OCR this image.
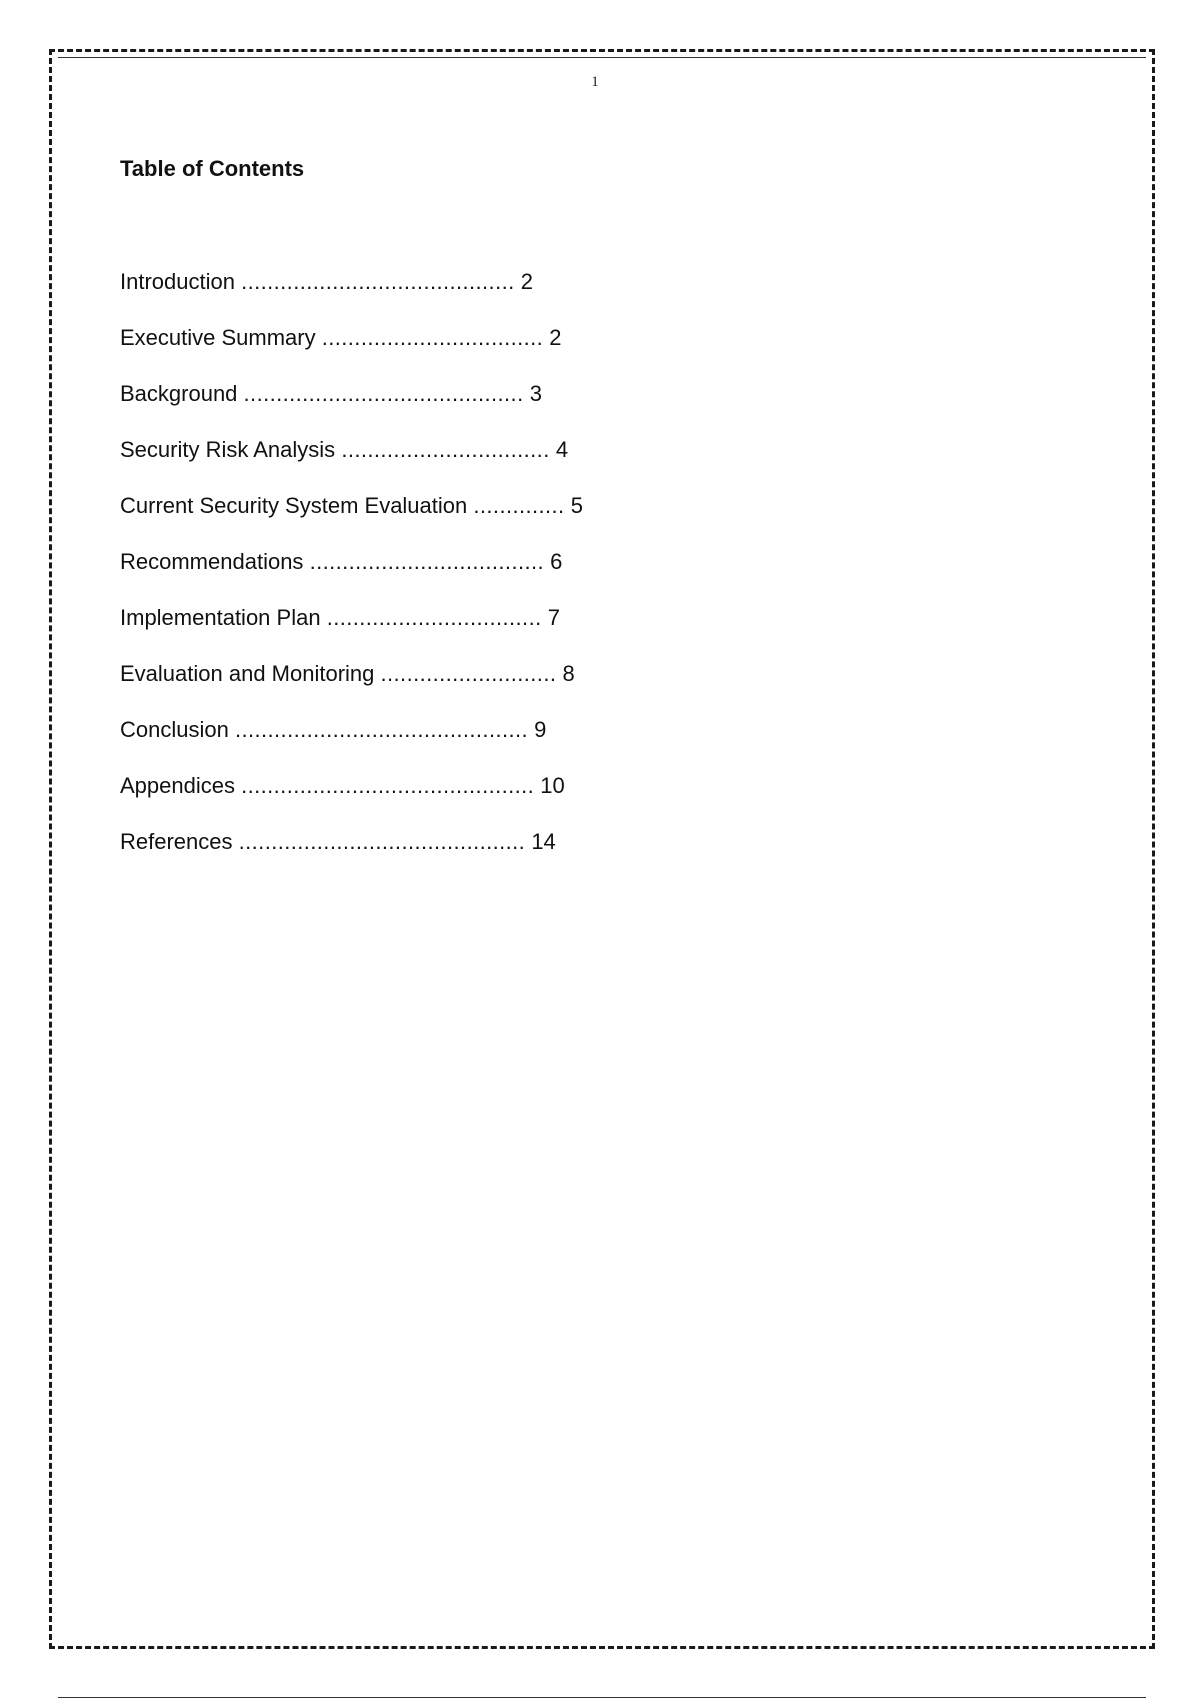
1
Table of Contents
Introduction .......................................... 2
Executive Summary .................................. 2
Background ........................................... 3
Security Risk Analysis ................................ 4
Current Security System Evaluation .............. 5
Recommendations .................................... 6
Implementation Plan ................................. 7
Evaluation and Monitoring ........................... 8
Conclusion ............................................. 9
Appendices ............................................. 10
References ............................................ 14
